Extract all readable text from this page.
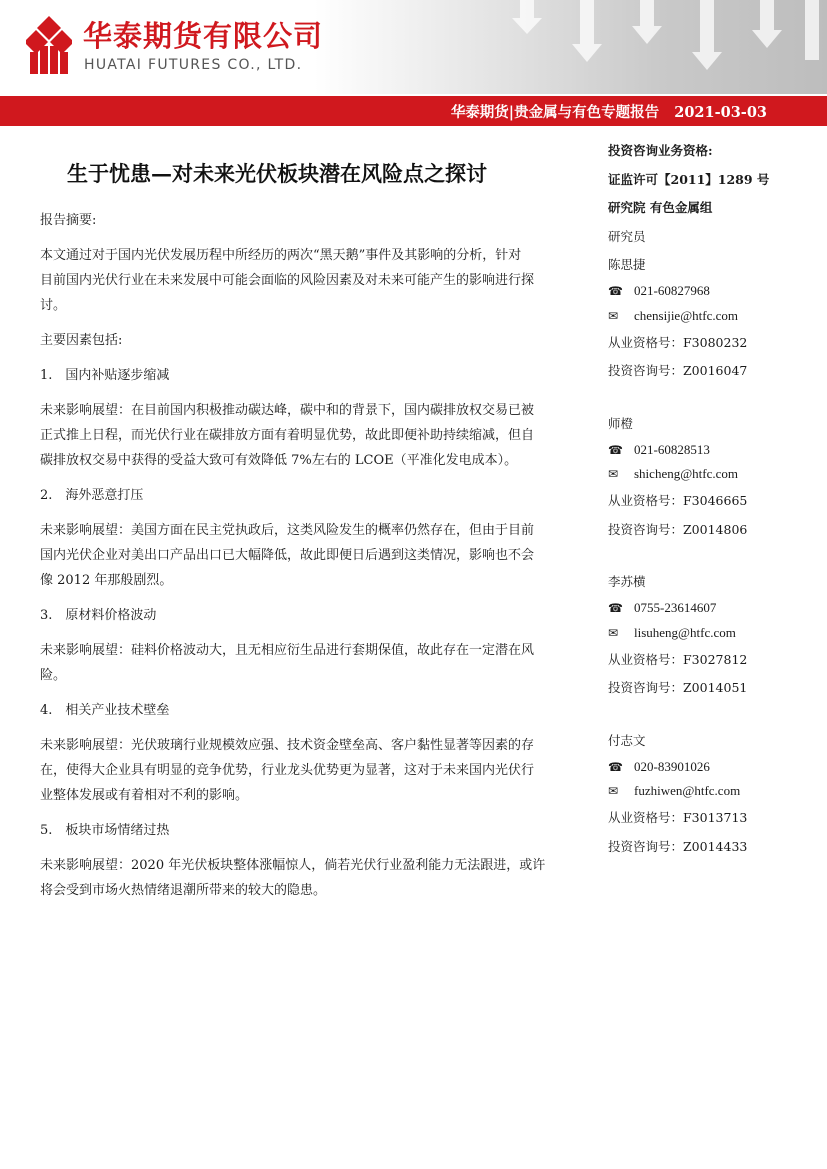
华泰期货有限公司
HUATAI FUTURES CO., LTD.
华泰期货|贵金属与有色专题报告 2021-03-03
生于忧患—对未来光伏板块潜在风险点之探讨

报告摘要:

本文通过对于国内光伏发展历程中所经历的两次“黑天鹅”事件及其影响的分析，针对

目前国内光伏行业在未来发展中可能会面临的风险因素及对未来可能产生的影响进行探

讨。

主要因素包括:

1.　国内补贴逐步缩减

未来影响展望：在目前国内积极推动碳达峰，碳中和的背景下，国内碳排放权交易已被

正式推上日程，而光伏行业在碳排放方面有着明显优势，故此即便补助持续缩减，但自

碳排放权交易中获得的受益大致可有效降低 7%左右的 LCOE（平准化发电成本）。

2.　海外恶意打压

未来影响展望：美国方面在民主党执政后，这类风险发生的概率仍然存在，但由于目前

国内光伏企业对美出口产品出口已大幅降低，故此即便日后遇到这类情况，影响也不会

像 2012 年那般剧烈。

3.　原材料价格波动

未来影响展望：硅料价格波动大，且无相应衍生品进行套期保值，故此存在一定潜在风

险。

4.　相关产业技术壁垒

未来影响展望：光伏玻璃行业规模效应强、技术资金壁垒高、客户黏性显著等因素的存

在，使得大企业具有明显的竞争优势，行业龙头优势更为显著，这对于未来国内光伏行

业整体发展或有着相对不利的影响。

5.　板块市场情绪过热

未来影响展望：2020 年光伏板块整体涨幅惊人，倘若光伏行业盈利能力无法跟进，或许

将会受到市场火热情绪退潮所带来的较大的隐患。

投资咨询业务资格:
证监许可【2011】1289 号
研究院 有色金属组
研究员
陈思捷
☎ 021-60827968
✉ chensijie@htfc.com
从业资格号：F3080232
投资咨询号：Z0016047
师橙
☎ 021-60828513
✉ shicheng@htfc.com
从业资格号：F3046665
投资咨询号：Z0014806
李苏横
☎ 0755-23614607
✉ lisuheng@htfc.com
从业资格号：F3027812
投资咨询号：Z0014051
付志文
☎ 020-83901026
✉ fuzhiwen@htfc.com
从业资格号：F3013713
投资咨询号：Z0014433
